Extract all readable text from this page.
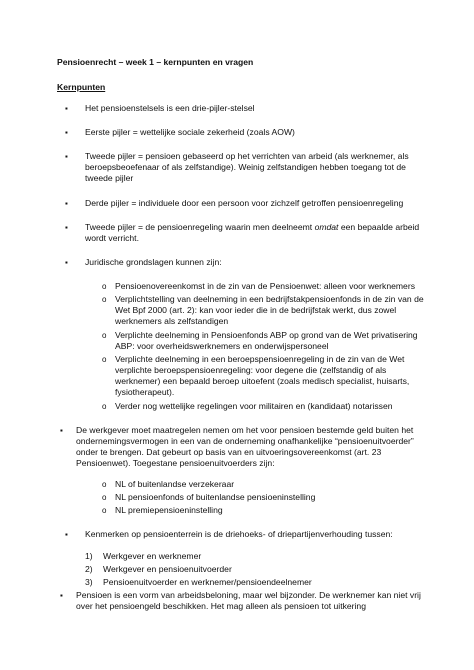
Pensioenrecht – week 1 – kernpunten en vragen
Kernpunten
▪ Het pensioenstelsels is een drie-pijler-stelsel
▪ Eerste pijler = wettelijke sociale zekerheid (zoals AOW)
▪ Tweede pijler = pensioen gebaseerd op het verrichten van arbeid (als werknemer, als beroepsbeoefenaar of als zelfstandige). Weinig zelfstandigen hebben toegang tot de tweede pijler
▪ Derde pijler = individuele door een persoon voor zichzelf getroffen pensioenregeling
▪ Tweede pijler = de pensioenregeling waarin men deelneemt omdat een bepaalde arbeid wordt verricht.
▪ Juridische grondslagen kunnen zijn:
o Pensioenovereenkomst in de zin van de Pensioenwet: alleen voor werknemers
o Verplichtstelling van deelneming in een bedrijfstakpensioenfonds in de zin van de Wet Bpf 2000 (art. 2): kan voor ieder die in de bedrijfstak werkt, dus zowel werknemers als zelfstandigen
o Verplichte deelneming in Pensioenfonds ABP op grond van de Wet privatisering ABP: voor overheidswerknemers en onderwijspersoneel
o Verplichte deelneming in een beroepspensioenregeling in de zin van de Wet verplichte beroepspensioenregeling: voor degene die (zelfstandig of als werknemer) een bepaald beroep uitoefent (zoals medisch specialist, huisarts, fysiotherapeut).
o Verder nog wettelijke regelingen voor militairen en (kandidaat) notarissen
▪ De werkgever moet maatregelen nemen om het voor pensioen bestemde geld buiten het ondernemingsvermogen in een van de onderneming onafhankelijke “pensioenuitvoerder” onder te brengen. Dat gebeurt op basis van en uitvoeringsovereenkomst (art. 23 Pensioenwet). Toegestane pensioenuitvoerders zijn:
o NL of buitenlandse verzekeraar
o NL pensioenfonds of buitenlandse pensioeninstelling
o NL premiepensioeninstelling
▪ Kenmerken op pensioenterrein is de driehoeks- of driepartijenverhouding tussen:
1) Werkgever en werknemer
2) Werkgever en pensioenuitvoerder
3) Pensioenuitvoerder en werknemer/pensioendeelnemer
▪ Pensioen is een vorm van arbeidsbeloning, maar wel bijzonder. De werknemer kan niet vrij over het pensioengeld beschikken. Het mag alleen als pensioen tot uitkering
